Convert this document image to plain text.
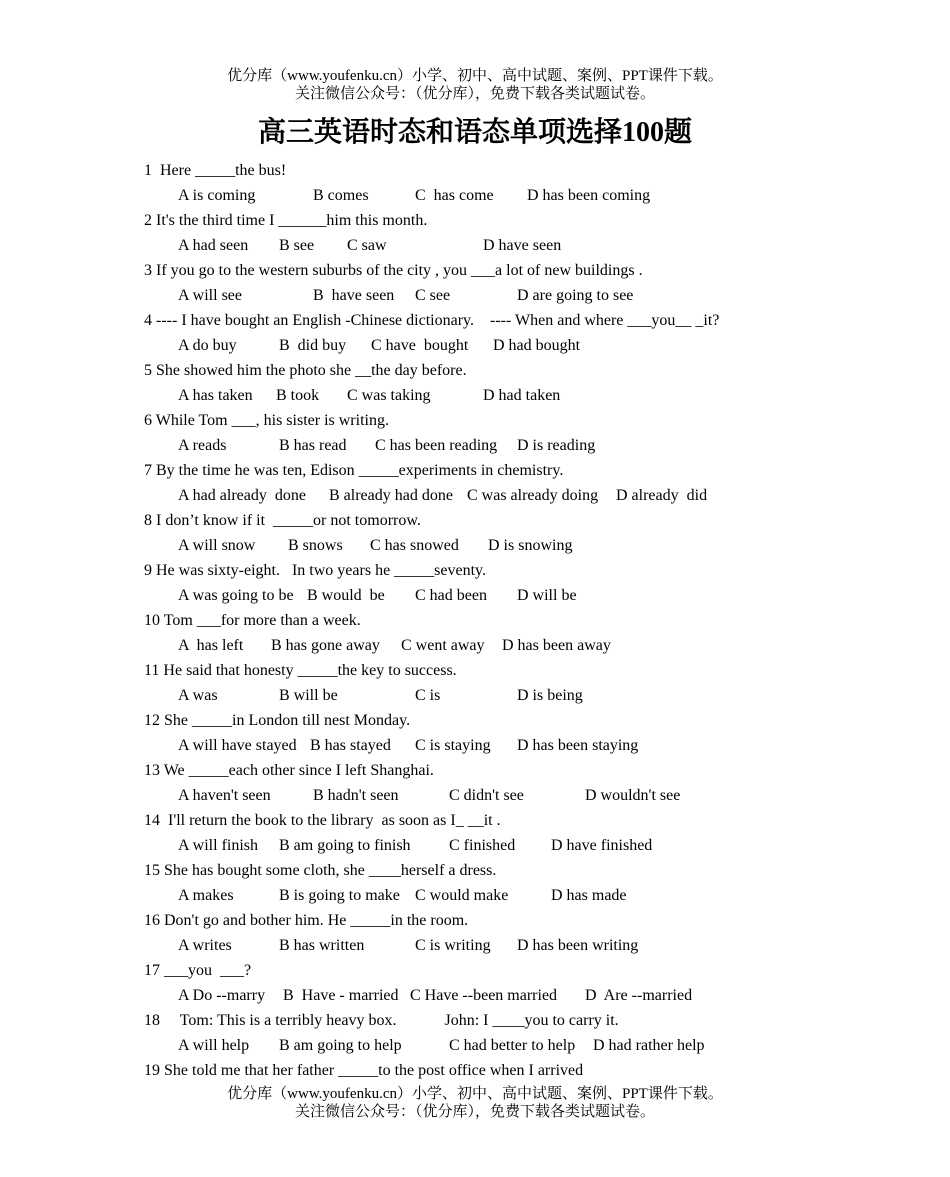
优分库（www.youfenku.cn）小学、初中、高中试题、案例、PPT课件下载。
关注微信公众号：（优分库），免费下载各类试题试卷。
高三英语时态和语态单项选择100题
1  Here _____the bus!
A is coming	B comes	C  has come D has been coming
2 It's the third time I ______him this month.
A had seen B see C saw	D have seen
3 If you go to the western suburbs of the city , you ___a lot of new buildings .
A will see	B  have seen C see	D are going to see
4 ---- I have bought an English -Chinese dictionary.    ---- When and where ___you__ _it?
A do buy	B  did buy C have  bought D had bought
5 She showed him the photo she __the day before.
A has taken B took C was taking	D had taken
6 While Tom ___, his sister is writing.
A reads	B has read C has been reading D is reading
7 By the time he was ten, Edison _____experiments in chemistry.
A had already  done B already had done C was already doing D already  did
8 I don’t know if it  _____or not tomorrow.
A will snow B snows C has snowed D is snowing
9 He was sixty-eight.   In two years he _____seventy.
A was going to be B would  be C had been D will be
10 Tom ___for more than a week.
A  has left B has gone away C went away D has been away
11 He said that honesty _____the key to success.
A was	B will be	C is	D is being
12 She _____in London till nest Monday.
A will have stayed B has stayed C is staying D has been staying
13 We _____each other since I left Shanghai.
A haven't seen	B hadn't seen	C didn't see	D wouldn't see
14  I'll return the book to the library  as soon as I_ __it .
A will finish B am going to finish C finished D have finished
15 She has bought some cloth, she ____herself a dress.
A makes	B is going to make C would make	D has made
16 Don't go and bother him. He _____in the room.
A writes	B has written	C is writing D has been writing
17 ___you  ___?
A Do --marry B  Have - married C Have --been married D  Are --married
18     Tom: This is a terribly heavy box.            John: I ____you to carry it.
A will help B am going to help	C had better to help D had rather help
19 She told me that her father _____to the post office when I arrived
优分库（www.youfenku.cn）小学、初中、高中试题、案例、PPT课件下载。
关注微信公众号：（优分库），免费下载各类试题试卷。
